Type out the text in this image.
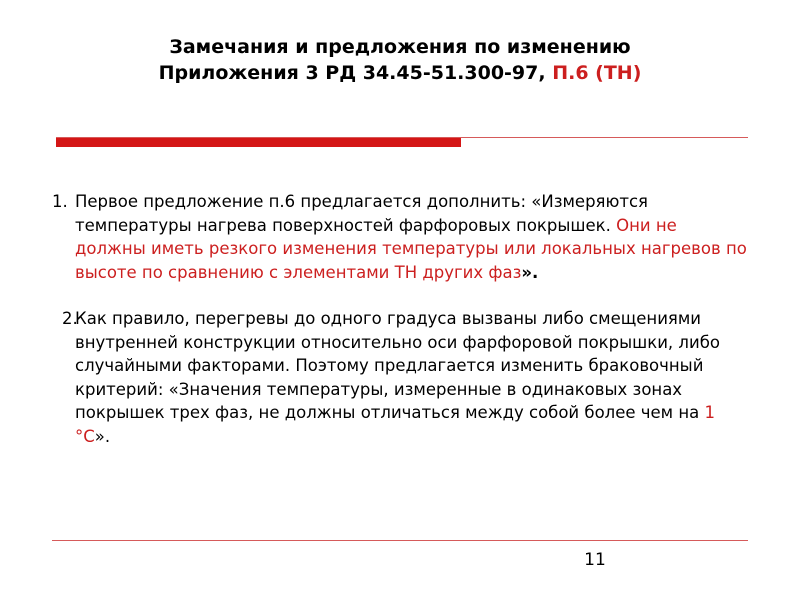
Замечания и предложения по изменению
Приложения 3 РД 34.45-51.300-97, П.6 (ТН)
1. Первое предложение п.6 предлагается дополнить: «Измеряются температуры нагрева поверхностей фарфоровых покрышек. Они не должны иметь резкого изменения температуры или локальных нагревов по высоте по сравнению с элементами ТН других фаз».
2.
Как правило, перегревы до одного градуса вызваны либо смещениями внутренней конструкции относительно оси фарфоровой покрышки, либо случайными факторами. Поэтому предлагается изменить браковочный критерий: «Значения температуры, измеренные в одинаковых зонах покрышек трех фаз, не должны отличаться между собой более чем на 1 °С».
11
